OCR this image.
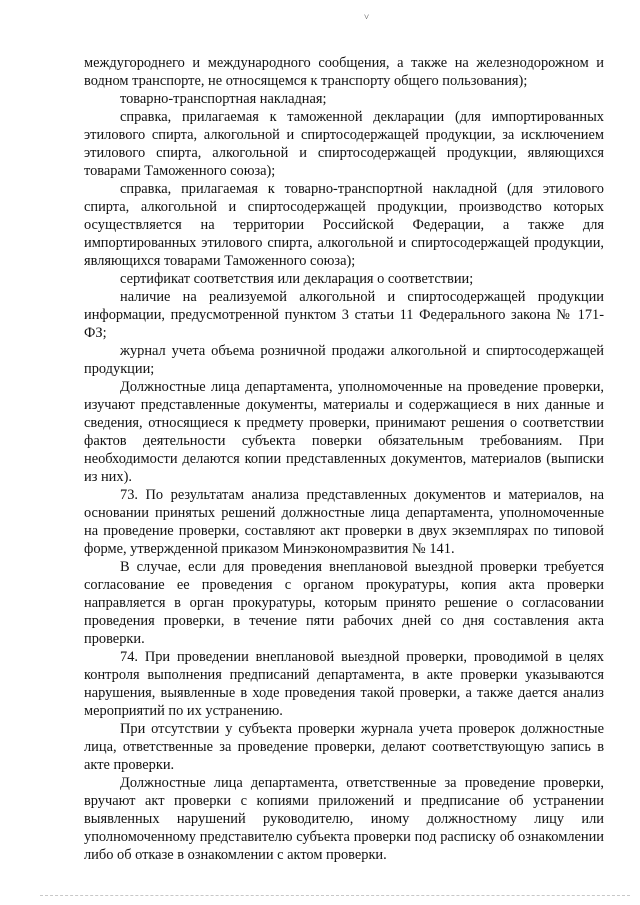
˅

междугороднего и международного сообщения, а также на железнодорожном и водном транспорте, не относящемся к транспорту общего пользования);

товарно-транспортная накладная;

справка, прилагаемая к таможенной декларации (для импортированных этилового спирта, алкогольной и спиртосодержащей продукции, за исключением этилового спирта, алкогольной и спиртосодержащей продукции, являющихся товарами Таможенного союза);

справка, прилагаемая к товарно-транспортной накладной (для этилового спирта, алкогольной и спиртосодержащей продукции, производство которых осуществляется на территории Российской Федерации, а также для импортированных этилового спирта, алкогольной и спиртосодержащей продукции, являющихся товарами Таможенного союза);

сертификат соответствия или декларация о соответствии;

наличие на реализуемой алкогольной и спиртосодержащей продукции информации, предусмотренной пунктом 3 статьи 11 Федерального закона № 171-ФЗ;

журнал учета объема розничной продажи алкогольной и спиртосодержащей продукции;

Должностные лица департамента, уполномоченные на проведение проверки, изучают представленные документы, материалы и содержащиеся в них данные и сведения, относящиеся к предмету проверки, принимают решения о соответствии фактов деятельности субъекта поверки обязательным требованиям. При необходимости делаются копии представленных документов, материалов (выписки из них).

73. По результатам анализа представленных документов и материалов, на основании принятых решений должностные лица департамента, уполномоченные на проведение проверки, составляют акт проверки в двух экземплярах по типовой форме, утвержденной приказом Минэкономразвития № 141.

В случае, если для проведения внеплановой выездной проверки требуется согласование ее проведения с органом прокуратуры, копия акта проверки направляется в орган прокуратуры, которым принято решение о согласовании проведения проверки, в течение пяти рабочих дней со дня составления акта проверки.

74. При проведении внеплановой выездной проверки, проводимой в целях контроля выполнения предписаний департамента, в акте проверки указываются нарушения, выявленные в ходе проведения такой проверки, а также дается анализ мероприятий по их устранению.

При отсутствии у субъекта проверки журнала учета проверок должностные лица, ответственные за проведение проверки, делают соответствующую запись в акте проверки.

Должностные лица департамента, ответственные за проведение проверки, вручают акт проверки с копиями приложений и предписание об устранении выявленных нарушений руководителю, иному должностному лицу или уполномоченному представителю субъекта проверки под расписку об ознакомлении либо об отказе в ознакомлении с актом проверки.
